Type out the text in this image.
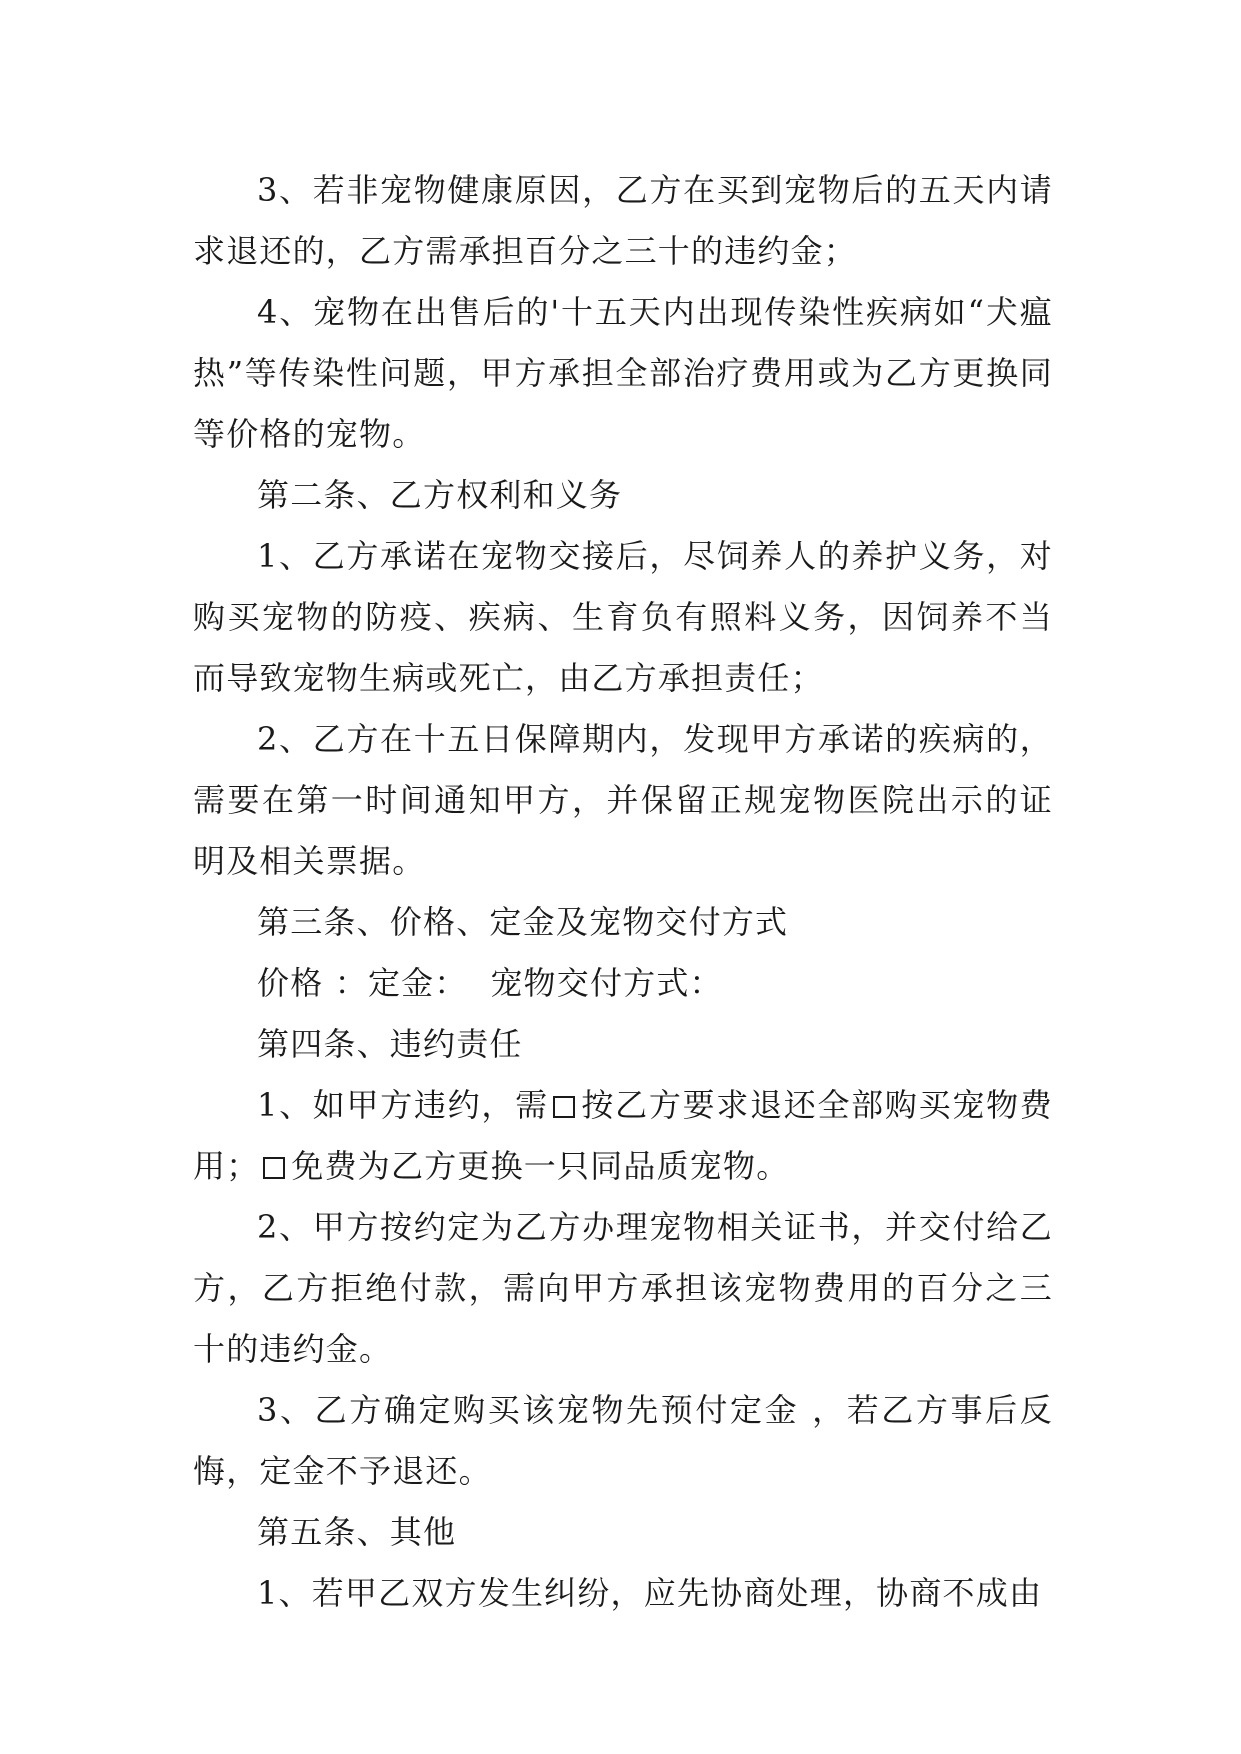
3、若非宠物健康原因，乙方在买到宠物后的五天内请求退还的，乙方需承担百分之三十的违约金；

4、宠物在出售后的'十五天内出现传染性疾病如“犬瘟热”等传染性问题，甲方承担全部治疗费用或为乙方更换同等价格的宠物。

第二条、乙方权利和义务

1、乙方承诺在宠物交接后，尽饲养人的养护义务，对购买宠物的防疫、疾病、生育负有照料义务，因饲养不当而导致宠物生病或死亡，由乙方承担责任；

2、乙方在十五日保障期内，发现甲方承诺的疾病的，需要在第一时间通知甲方，并保留正规宠物医院出示的证明及相关票据。

第三条、价格、定金及宠物交付方式

价格 ：定金： 宠物交付方式：

第四条、违约责任

1、如甲方违约，需 按乙方要求退还全部购买宠物费用； 免费为乙方更换一只同品质宠物。

2、甲方按约定为乙方办理宠物相关证书，并交付给乙方，乙方拒绝付款，需向甲方承担该宠物费用的百分之三十的违约金。

3、乙方确定购买该宠物先预付定金 ，若乙方事后反悔，定金不予退还。

第五条、其他

1、若甲乙双方发生纠纷，应先协商处理，协商不成由
